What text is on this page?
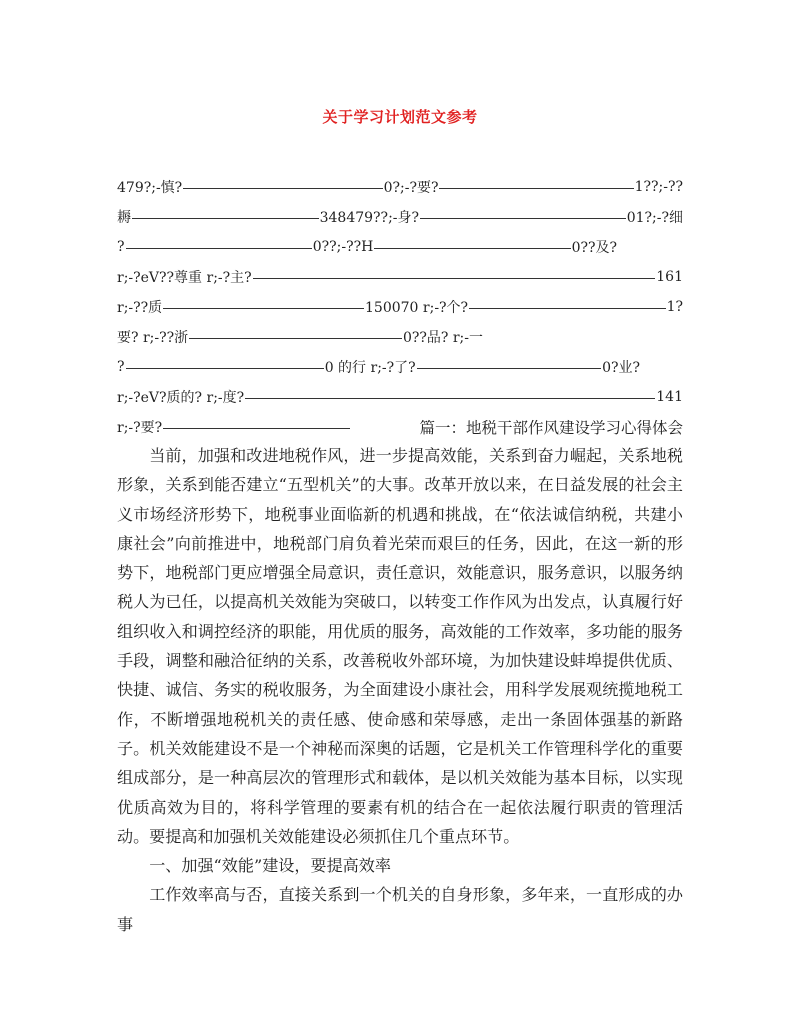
关于学习计划范文参考
479?;-慎?	0?;-?要?	1??;-??
耨	348479??;-身?	01?;-?细
?	0??;-??H	0??及?
r;-?eV??尊重 r;-?主?	161
r;-??质	150070 r;-?个?	1?
要? r;-??浙	0??品? r;-一
?	0 的行 r;-?了?	0?业?
r;-?eV?质的? r;-度?	141
r;-?要?	篇一：地税干部作风建设学习心得体会

当前，加强和改进地税作风，进一步提高效能，关系到奋力崛起，关系地税形象，关系到能否建立“五型机关”的大事。改革开放以来，在日益发展的社会主义市场经济形势下，地税事业面临新的机遇和挑战，在“依法诚信纳税，共建小康社会”向前推进中，地税部门肩负着光荣而艰巨的任务，因此，在这一新的形势下，地税部门更应增强全局意识，责任意识，效能意识，服务意识，以服务纳税人为已任，以提高机关效能为突破口，以转变工作作风为出发点，认真履行好组织收入和调控经济的职能，用优质的服务，高效能的工作效率，多功能的服务手段，调整和融洽征纳的关系，改善税收外部环境，为加快建设蚌埠提供优质、快捷、诚信、务实的税收服务，为全面建设小康社会，用科学发展观统揽地税工作，不断增强地税机关的责任感、使命感和荣辱感，走出一条固体强基的新路子。机关效能建设不是一个神秘而深奥的话题，它是机关工作管理科学化的重要组成部分，是一种高层次的管理形式和载体，是以机关效能为基本目标，以实现优质高效为目的，将科学管理的要素有机的结合在一起依法履行职责的管理活动。要提高和加强机关效能建设必须抓住几个重点环节。

一、加强“效能”建设，要提高效率

工作效率高与否，直接关系到一个机关的自身形象，多年来，一直形成的办事
